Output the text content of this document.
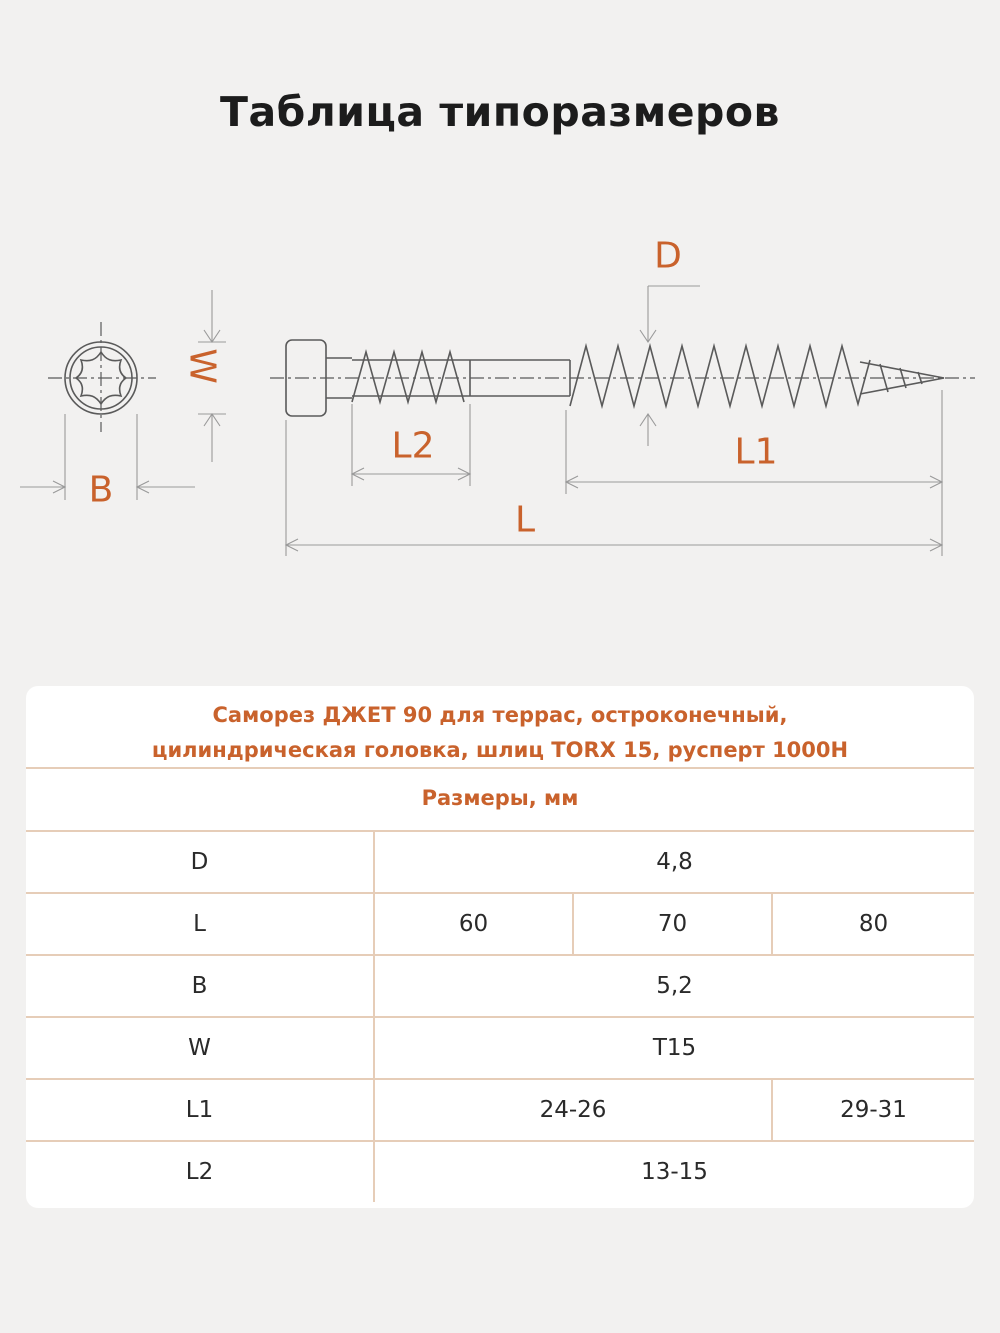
Таблица типоразмеров
W
B
D
L2	L1
L
Саморез ДЖЕТ 90 для террас, остроконечный,
цилиндрическая головка, шлиц TORX 15, русперт 1000Н
Размеры, мм
D	4,8
L	60	70	80
B	5,2
W	T15
L1	24-26	29-31
L2	13-15
